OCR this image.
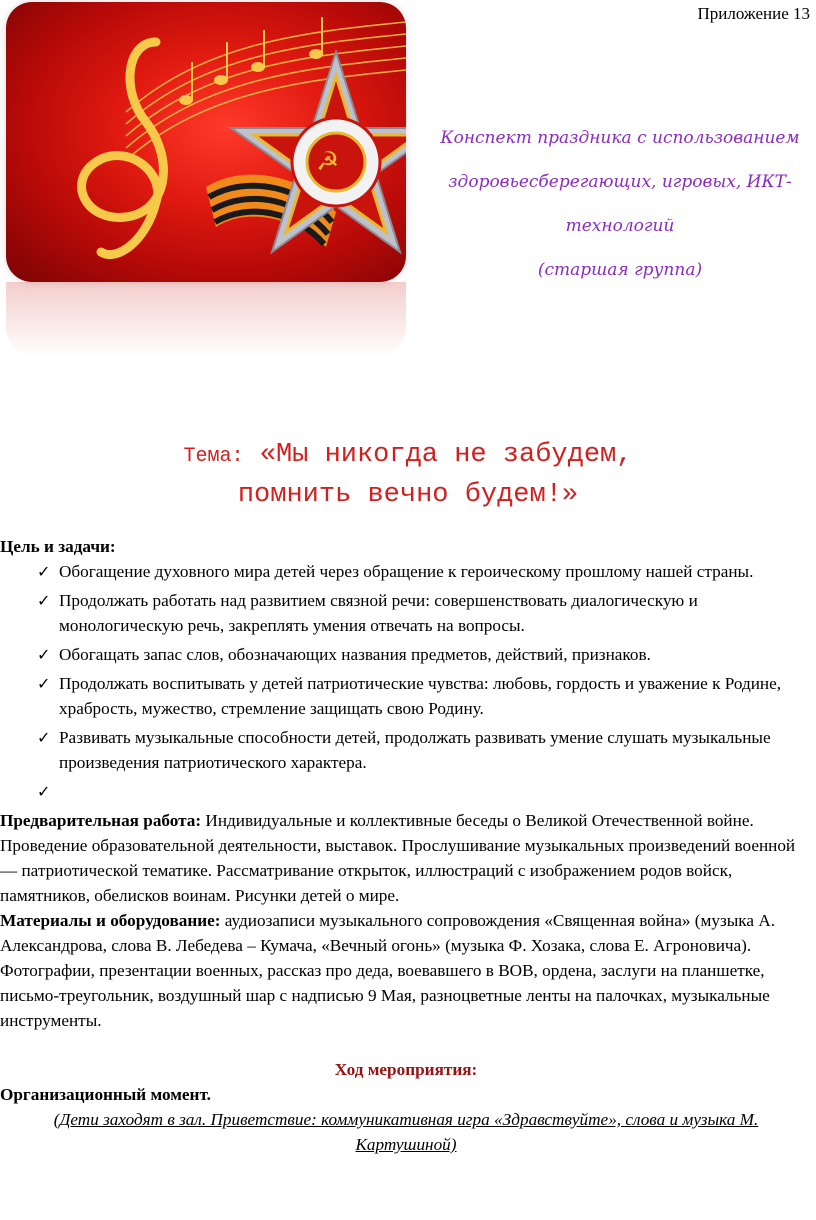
Приложение 13
☭
Конспект праздника с использованием
здоровьесберегающих, игровых, ИКТ-
технологий
(старшая группа)
Тема: «Мы никогда не забудем,
помнить вечно будем!»
Цель и задачи:
✓ Обогащение духовного мира детей через обращение к героическому прошлому нашей страны.
✓ Продолжать работать над развитием связной речи: совершенствовать диалогическую и монологическую речь, закреплять умения отвечать на вопросы.
✓ Обогащать запас слов, обозначающих названия предметов, действий, признаков.
✓ Продолжать воспитывать у детей патриотические чувства: любовь, гордость и уважение к Родине, храбрость, мужество, стремление защищать свою Родину.
✓ Развивать музыкальные способности детей, продолжать развивать умение слушать музыкальные произведения патриотического характера.
✓

Предварительная работа: Индивидуальные и коллективные беседы о Великой Отечественной войне. Проведение образовательной деятельности, выставок. Прослушивание музыкальных произведений военной — патриотической тематике. Рассматривание открыток, иллюстраций с изображением родов войск, памятников, обелисков воинам. Рисунки детей о мире.

Материалы и оборудование: аудиозаписи музыкального сопровождения «Священная война» (музыка А. Александрова, слова В. Лебедева – Кумача, «Вечный огонь» (музыка Ф. Хозака, слова Е. Агроновича). Фотографии, презентации военных, рассказ про деда, воевавшего в ВОВ, ордена, заслуги на планшетке, письмо-треугольник, воздушный шар с надписью 9 Мая, разноцветные ленты на палочках, музыкальные инструменты.

Ход мероприятия:
Организационный момент.
(Дети заходят в зал. Приветствие: коммуникативная игра «Здравствуйте», слова и музыка М. Картушиной)
